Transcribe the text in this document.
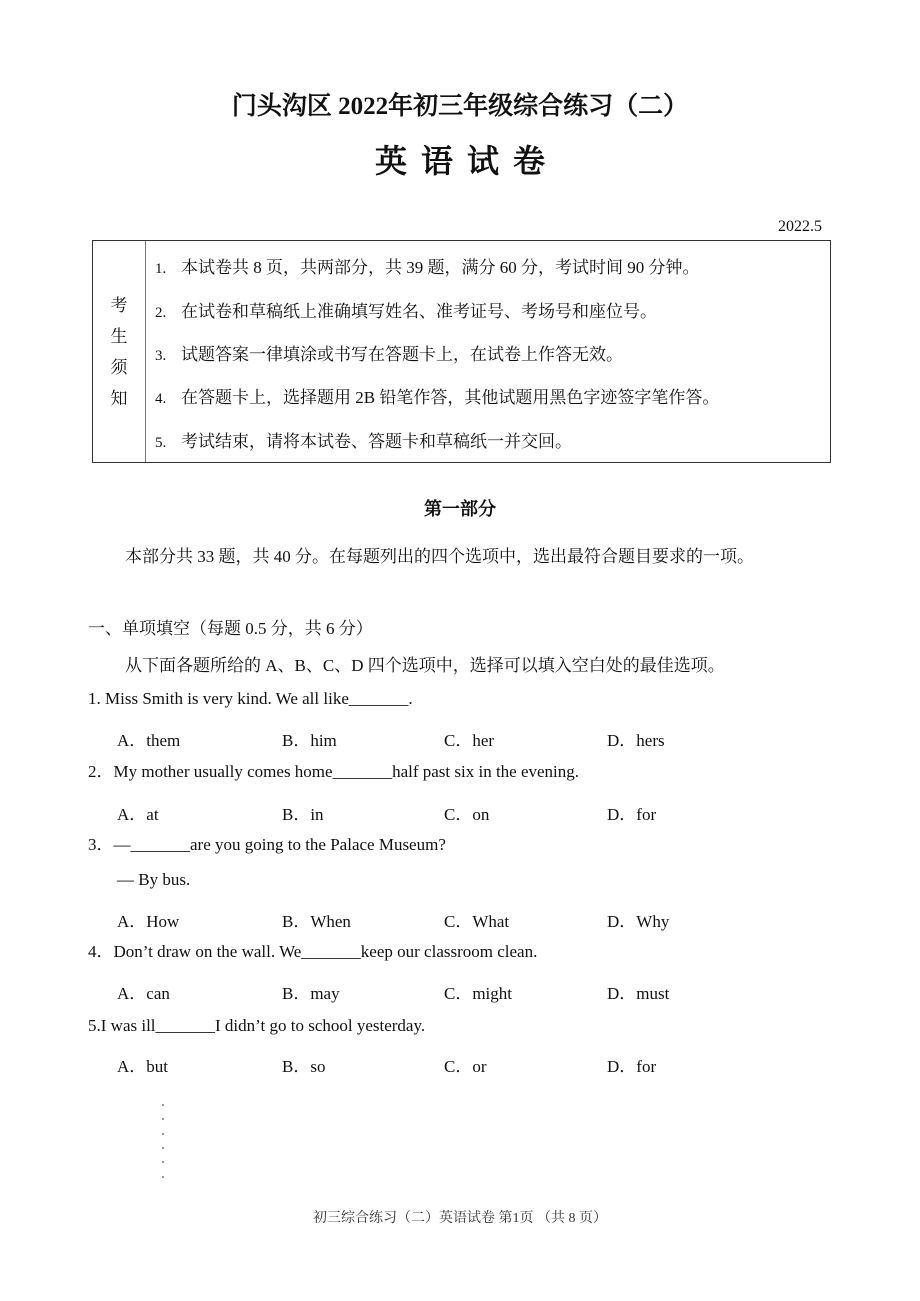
门头沟区 2022年初三年级综合练习（二）
英语试卷
2022.5
考
生
须
知
1. 本试卷共 8 页，共两部分，共 39 题，满分 60 分，考试时间 90 分钟。
2. 在试卷和草稿纸上准确填写姓名、准考证号、考场号和座位号。
3. 试题答案一律填涂或书写在答题卡上，在试卷上作答无效。
4. 在答题卡上，选择题用 2B 铅笔作答，其他试题用黑色字迹签字笔作答。
5. 考试结束，请将本试卷、答题卡和草稿纸一并交回。
第一部分
本部分共 33 题，共 40 分。在每题列出的四个选项中，选出最符合题目要求的一项。
一、单项填空（每题 0.5 分，共 6 分）
从下面各题所给的 A、B、C、D 四个选项中，选择可以填入空白处的最佳选项。
1. Miss Smith is very kind. We all like_______.
A．them	B．him	C．her	D．hers
2．My mother usually comes home_______half past six in the evening.
A．at	B．in	C．on	D．for
3．—_______are you going to the Palace Museum?
— By bus.
A．How	B．When	C．What	D．Why
4．Don’t draw on the wall. We_______keep our classroom clean.
A．can	B．may	C．might	D．must
5.I was ill_______I didn’t go to school yesterday.
A．but	B．so	C．or	D．for
初三综合练习（二）英语试卷 第1页 （共 8 页）
